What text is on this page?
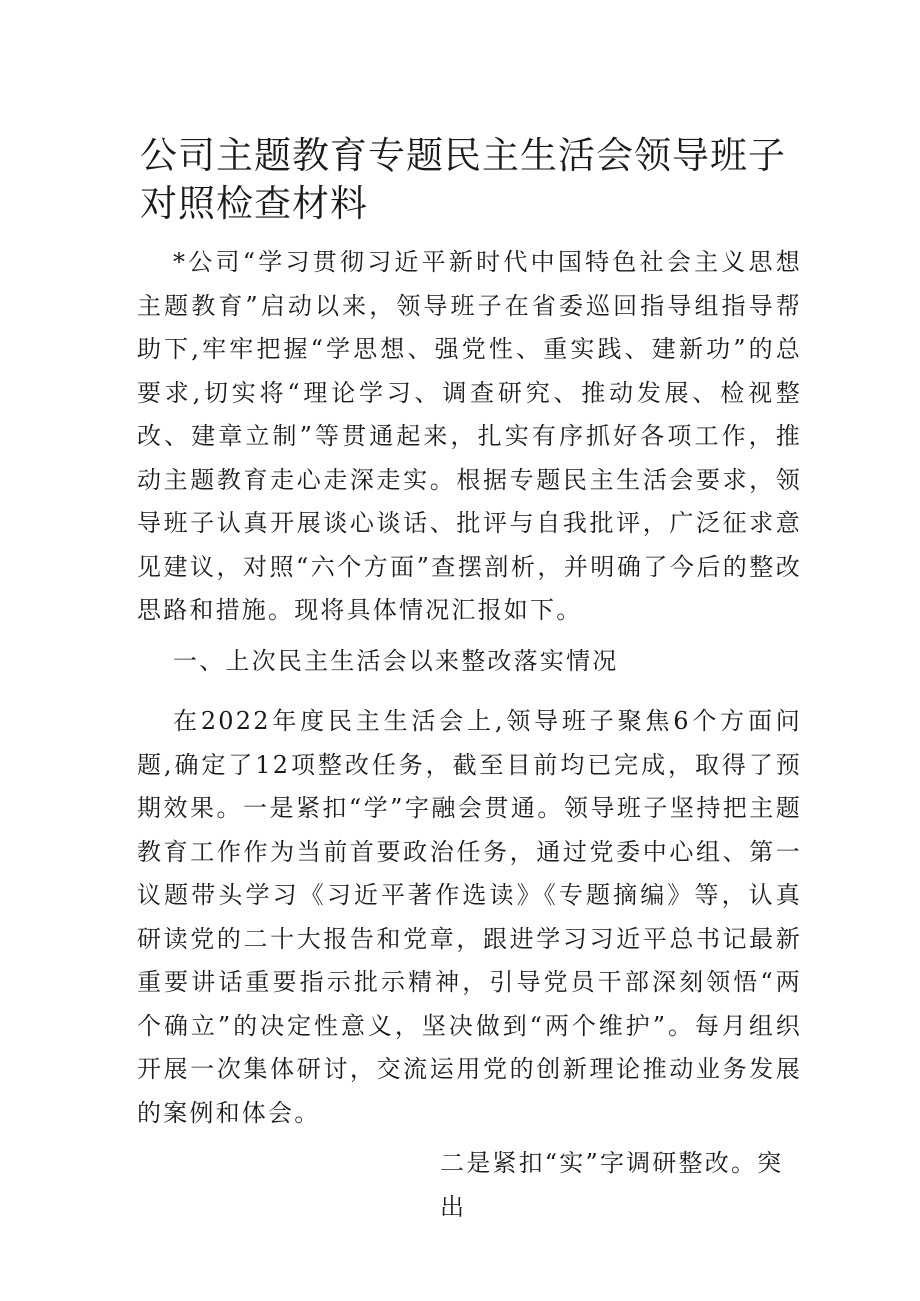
公司主题教育专题民主生活会领导班子对照检查材料

*公司“学习贯彻习近平新时代中国特色社会主义思想主题教育”启动以来，领导班子在省委巡回指导组指导帮助下,牢牢把握“学思想、强党性、重实践、建新功”的总要求,切实将“理论学习、调查研究、推动发展、检视整改、建章立制”等贯通起来，扎实有序抓好各项工作，推动主题教育走心走深走实。根据专题民主生活会要求，领导班子认真开展谈心谈话、批评与自我批评，广泛征求意见建议，对照“六个方面”查摆剖析，并明确了今后的整改思路和措施。现将具体情况汇报如下。

一、上次民主生活会以来整改落实情况

在2022年度民主生活会上,领导班子聚焦6个方面问题,确定了12项整改任务，截至目前均已完成，取得了预期效果。一是紧扣“学”字融会贯通。领导班子坚持把主题教育工作作为当前首要政治任务，通过党委中心组、第一议题带头学习《习近平著作选读》《专题摘编》等，认真研读党的二十大报告和党章，跟进学习习近平总书记最新重要讲话重要指示批示精神，引导党员干部深刻领悟“两个确立”的决定性意义，坚决做到“两个维护”。每月组织开展一次集体研讨，交流运用党的创新理论推动业务发展的案例和体会。

二是紧扣“实”字调研整改。突出
